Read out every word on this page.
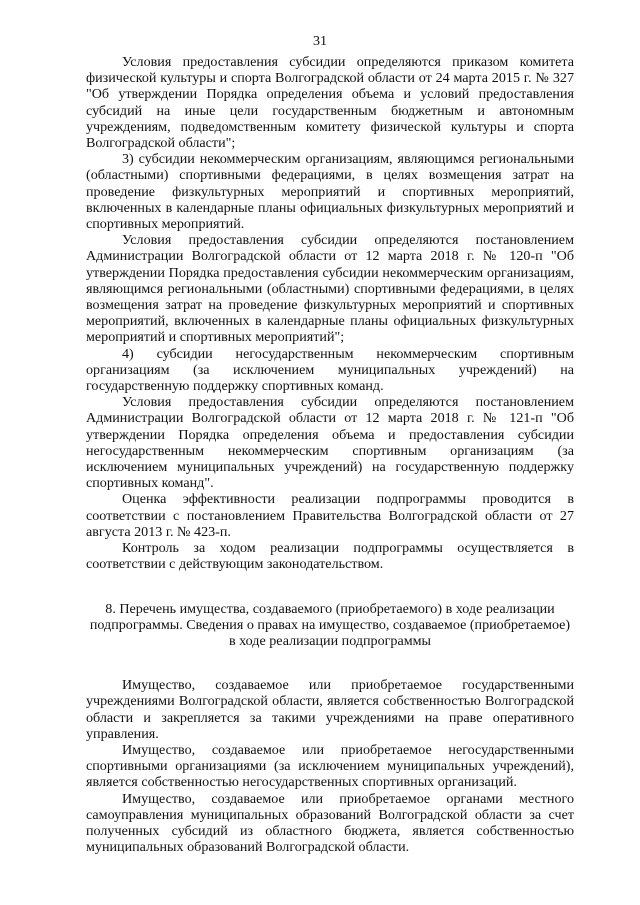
31

Условия предоставления субсидии определяются приказом комитета физической культуры и спорта Волгоградской области от 24 марта 2015 г. № 327 "Об утверждении Порядка определения объема и условий предоставления субсидий на иные цели государственным бюджетным и автономным учреждениям, подведомственным комитету физической культуры и спорта Волгоградской области";

3) субсидии некоммерческим организациям, являющимся региональными (областными) спортивными федерациями, в целях возмещения затрат на проведение физкультурных мероприятий и спортивных мероприятий, включенных в календарные планы официальных физкультурных мероприятий и спортивных мероприятий.

Условия предоставления субсидии определяются постановлением Администрации Волгоградской области от 12 марта 2018 г. № 120-п "Об утверждении Порядка предоставления субсидии некоммерческим организациям, являющимся региональными (областными) спортивными федерациями, в целях возмещения затрат на проведение физкультурных мероприятий и спортивных мероприятий, включенных в календарные планы официальных физкультурных мероприятий и спортивных мероприятий";

4) субсидии негосударственным некоммерческим спортивным организациям (за исключением муниципальных учреждений) на государственную поддержку спортивных команд.

Условия предоставления субсидии определяются постановлением Администрации Волгоградской области от 12 марта 2018 г. № 121-п "Об утверждении Порядка определения объема и предоставления субсидии негосударственным некоммерческим спортивным организациям (за исключением муниципальных учреждений) на государственную поддержку спортивных команд".

Оценка эффективности реализации подпрограммы проводится в соответствии с постановлением Правительства Волгоградской области от 27 августа 2013 г. № 423-п.

Контроль за ходом реализации подпрограммы осуществляется в соответствии с действующим законодательством.

8. Перечень имущества, создаваемого (приобретаемого) в ходе реализации подпрограммы. Сведения о правах на имущество, создаваемое (приобретаемое) в ходе реализации подпрограммы

Имущество, создаваемое или приобретаемое государственными учреждениями Волгоградской области, является собственностью Волгоградской области и закрепляется за такими учреждениями на праве оперативного управления.

Имущество, создаваемое или приобретаемое негосударственными спортивными организациями (за исключением муниципальных учреждений), является собственностью негосударственных спортивных организаций.

Имущество, создаваемое или приобретаемое органами местного самоуправления муниципальных образований Волгоградской области за счет полученных субсидий из областного бюджета, является собственностью муниципальных образований Волгоградской области.
